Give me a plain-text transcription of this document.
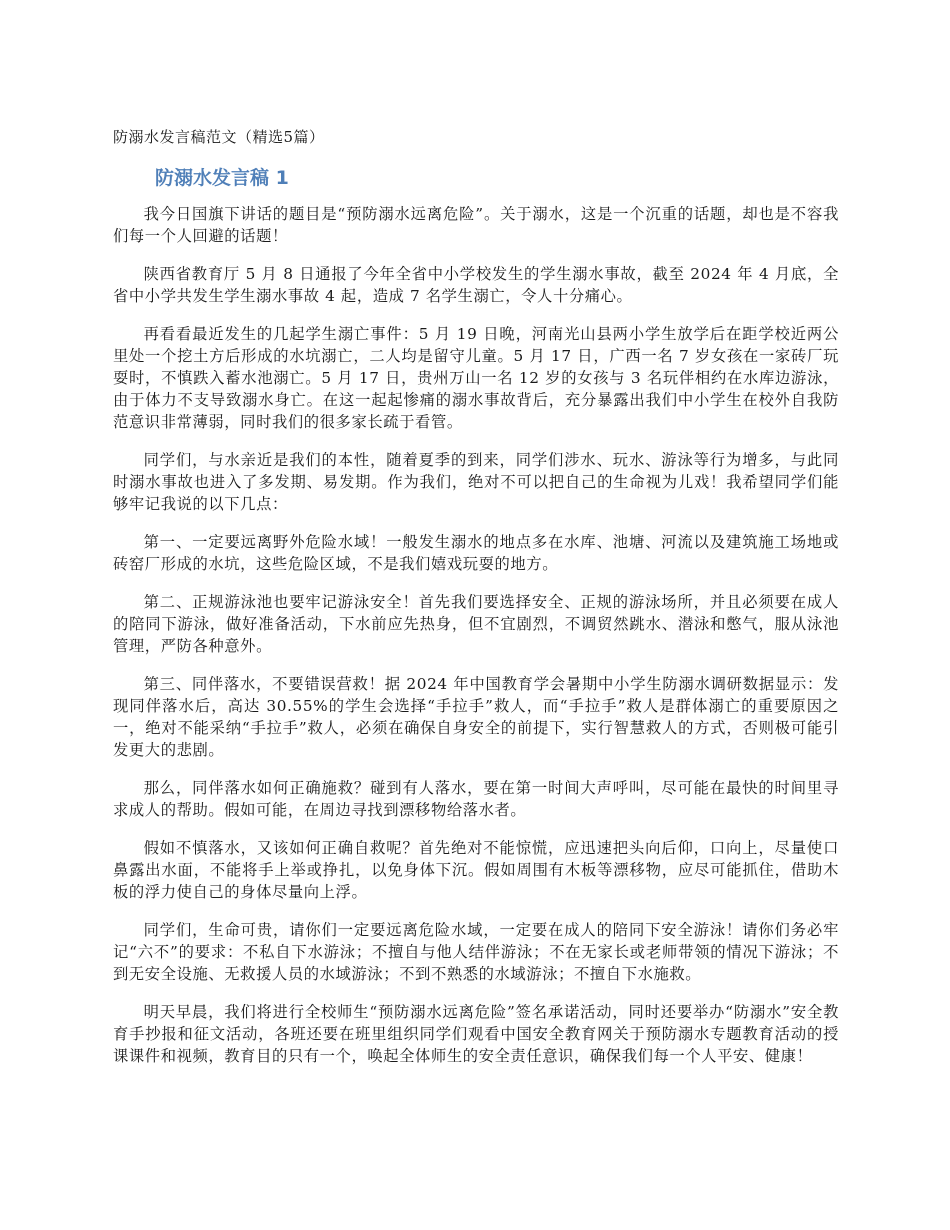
防溺水发言稿范文（精选5篇）
防溺水发言稿 1

我今日国旗下讲话的题目是“预防溺水远离危险”。关于溺水，这是一个沉重的话题，却也是不容我们每一个人回避的话题！

陕西省教育厅 5 月 8 日通报了今年全省中小学校发生的学生溺水事故，截至 2024 年 4 月底，全省中小学共发生学生溺水事故 4 起，造成 7 名学生溺亡，令人十分痛心。

再看看最近发生的几起学生溺亡事件：5 月 19 日晚，河南光山县两小学生放学后在距学校近两公里处一个挖土方后形成的水坑溺亡，二人均是留守儿童。5 月 17 日，广西一名 7 岁女孩在一家砖厂玩耍时，不慎跌入蓄水池溺亡。5 月 17 日，贵州万山一名 12 岁的女孩与 3 名玩伴相约在水库边游泳，由于体力不支导致溺水身亡。在这一起起惨痛的溺水事故背后，充分暴露出我们中小学生在校外自我防范意识非常薄弱，同时我们的很多家长疏于看管。

同学们，与水亲近是我们的本性，随着夏季的到来，同学们涉水、玩水、游泳等行为增多，与此同时溺水事故也进入了多发期、易发期。作为我们，绝对不可以把自己的生命视为儿戏！我希望同学们能够牢记我说的以下几点：

第一、一定要远离野外危险水域！一般发生溺水的地点多在水库、池塘、河流以及建筑施工场地或砖窑厂形成的水坑，这些危险区域，不是我们嬉戏玩耍的地方。

第二、正规游泳池也要牢记游泳安全！首先我们要选择安全、正规的游泳场所，并且必须要在成人的陪同下游泳，做好准备活动，下水前应先热身，但不宜剧烈，不调贸然跳水、潜泳和憋气，服从泳池管理，严防各种意外。

第三、同伴落水，不要错误营救！据 2024 年中国教育学会暑期中小学生防溺水调研数据显示：发现同伴落水后，高达 30.55%的学生会选择“手拉手”救人，而“手拉手”救人是群体溺亡的重要原因之一，绝对不能采纳“手拉手”救人，必须在确保自身安全的前提下，实行智慧救人的方式，否则极可能引发更大的悲剧。

那么，同伴落水如何正确施救？碰到有人落水，要在第一时间大声呼叫，尽可能在最快的时间里寻求成人的帮助。假如可能，在周边寻找到漂移物给落水者。

假如不慎落水，又该如何正确自救呢？首先绝对不能惊慌，应迅速把头向后仰，口向上，尽量使口鼻露出水面，不能将手上举或挣扎，以免身体下沉。假如周围有木板等漂移物，应尽可能抓住，借助木板的浮力使自己的身体尽量向上浮。

同学们，生命可贵，请你们一定要远离危险水域，一定要在成人的陪同下安全游泳！请你们务必牢记“六不”的要求：不私自下水游泳；不擅自与他人结伴游泳；不在无家长或老师带领的情况下游泳；不到无安全设施、无救援人员的水域游泳；不到不熟悉的水域游泳；不擅自下水施救。

明天早晨，我们将进行全校师生“预防溺水远离危险”签名承诺活动，同时还要举办“防溺水”安全教育手抄报和征文活动，各班还要在班里组织同学们观看中国安全教育网关于预防溺水专题教育活动的授课课件和视频，教育目的只有一个，唤起全体师生的安全责任意识，确保我们每一个人平安、健康！
